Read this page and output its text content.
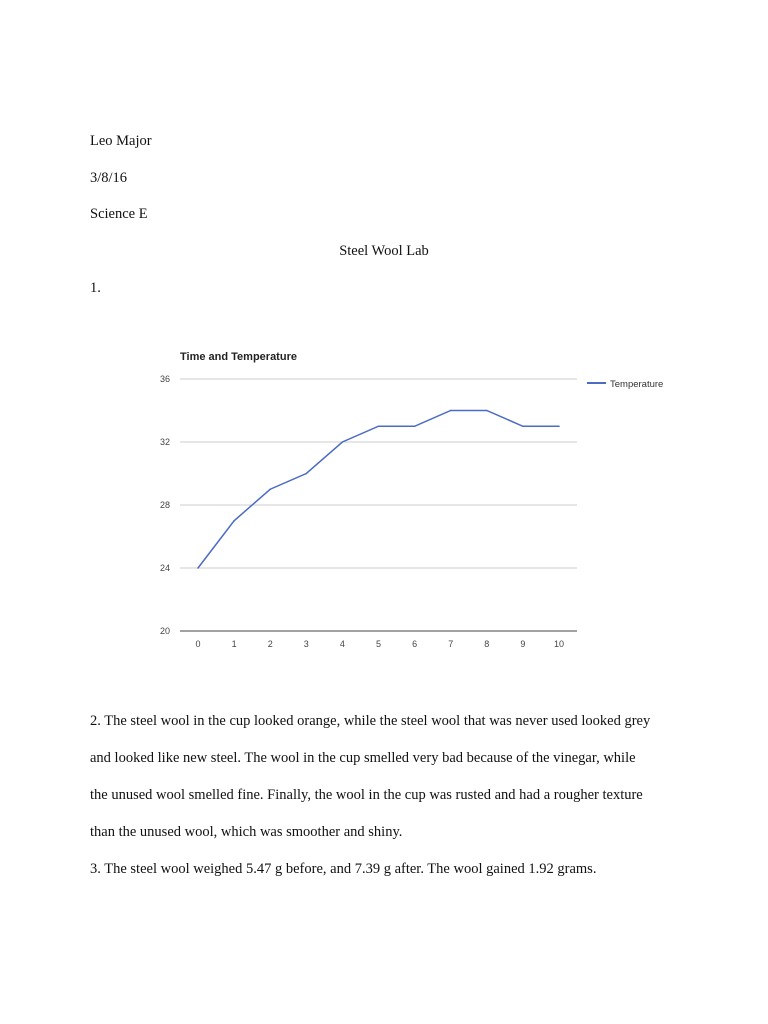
Leo Major
3/8/16
Science E
Steel Wool Lab
1.
Time and Temperature
20
24
28
32
36
0	1	2	3	4	5	6	7	8	9	10
Temperature
2. The steel wool in the cup looked orange, while the steel wool that was never used looked grey
and looked like new steel. The wool in the cup smelled very bad because of the vinegar, while
the unused wool smelled fine. Finally, the wool in the cup was rusted and had a rougher texture
than the unused wool, which was smoother and shiny.
3. The steel wool weighed 5.47 g before, and 7.39 g after. The wool gained 1.92 grams.
